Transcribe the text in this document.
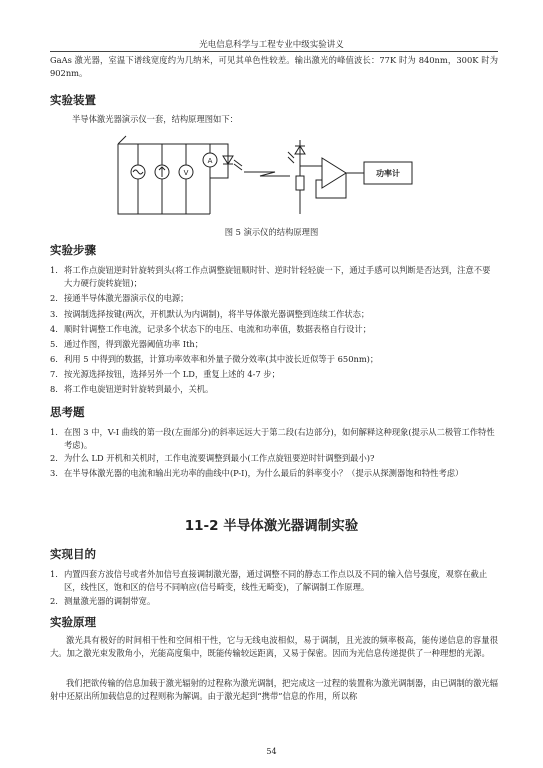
光电信息科学与工程专业中级实验讲义
GaAs 激光器，室温下谱线宽度约为几纳米，可见其单色性较差。输出激光的峰值波长：77K 时为 840nm，300K 时为 902nm。
实验装置
半导体激光器演示仪一套，结构原理图如下：
V
A
功率计
图 5 演示仪的结构原理图
实验步骤
1. 将工作点旋钮逆时针旋转到头(将工作点调整旋钮顺时针、逆时针轻轻旋一下，通过手感可以判断是否达到，注意不要大力硬行旋转旋钮)；
2. 接通半导体激光器演示仪的电源；
3. 按调制选择按键(两次，开机默认为内调制)，将半导体激光器调整到连续工作状态；
4. 顺时针调整工作电流，记录多个状态下的电压、电流和功率值，数据表格自行设计；
5. 通过作图，得到激光器阈值功率 Ith；
6. 利用 5 中得到的数据，计算功率效率和外量子微分效率(其中波长近似等于 650nm)；
7. 按光源选择按钮，选择另外一个 LD，重复上述的 4-7 步；
8. 将工作电旋钮逆时针旋转到最小，关机。
思考题
1. 在图 3 中，V-I 曲线的第一段(左面部分)的斜率远远大于第二段(右边部分)，如何解释这种现象(提示从二极管工作特性考虑)。
2. 为什么 LD 开机和关机时，工作电流要调整到最小(工作点旋钮要逆时针调整到最小)?
3. 在半导体激光器的电流和输出光功率的曲线中(P-I)，为什么最后的斜率变小？（提示从探测器饱和特性考虑）
11-2 半导体激光器调制实验
实现目的
1. 内置四套方波信号或者外加信号直接调制激光器，通过调整不同的静态工作点以及不同的输入信号强度，观察在截止区，线性区，饱和区的信号不同响应(信号畸变，线性无畸变)，了解调制工作原理。
2. 测量激光器的调制带宽。
实验原理
激光具有极好的时间相干性和空间相干性，它与无线电波相似，易于调制，且光波的频率极高，能传递信息的容量很大。加之激光束发散角小，光能高度集中，既能传输较远距离，又易于保密。因而为光信息传递提供了一种理想的光源。
我们把欲传输的信息加载于激光辐射的过程称为激光调制，把完成这一过程的装置称为激光调制器，由已调制的激光辐射中还原出所加载信息的过程则称为解调。由于激光起到“携带”信息的作用，所以称
54
